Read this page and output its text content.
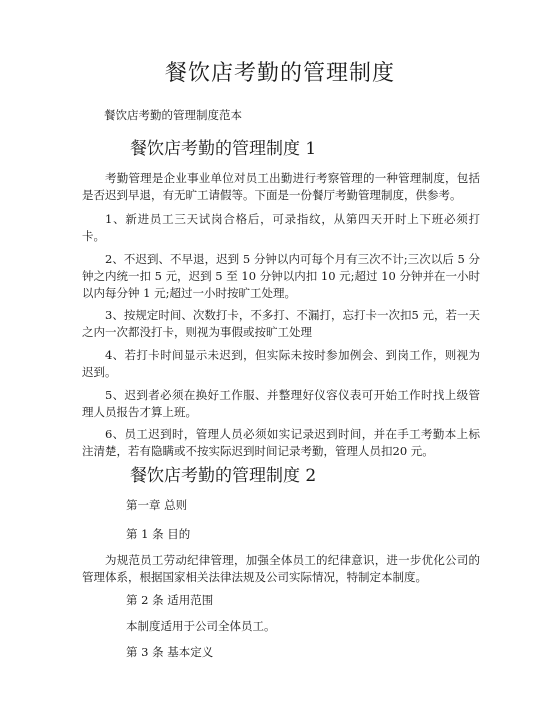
餐饮店考勤的管理制度

餐饮店考勤的管理制度范本

餐饮店考勤的管理制度 1

考勤管理是企业事业单位对员工出勤进行考察管理的一种管理制度，包括是否迟到早退，有无旷工请假等。下面是一份餐厅考勤管理制度，供参考。

1、新进员工三天试岗合格后，可录指纹，从第四天开时上下班必须打卡。

2、不迟到、不早退，迟到 5 分钟以内可每个月有三次不计;三次以后 5 分钟之内统一扣 5 元，迟到 5 至 10 分钟以内扣 10 元;超过 10 分钟并在一小时以内每分钟 1 元;超过一小时按旷工处理。

3、按规定时间、次数打卡，不多打、不漏打，忘打卡一次扣5 元，若一天之内一次都没打卡，则视为事假或按旷工处理

4、若打卡时间显示未迟到，但实际未按时参加例会、到岗工作，则视为迟到。

5、迟到者必须在换好工作服、并整理好仪容仪表可开始工作时找上级管理人员报告才算上班。

6、员工迟到时，管理人员必须如实记录迟到时间，并在手工考勤本上标注清楚，若有隐瞒或不按实际迟到时间记录考勤，管理人员扣20 元。

餐饮店考勤的管理制度 2

第一章 总则

第 1 条 目的

为规范员工劳动纪律管理，加强全体员工的纪律意识，进一步优化公司的管理体系，根据国家相关法律法规及公司实际情况，特制定本制度。

第 2 条 适用范围

本制度适用于公司全体员工。

第 3 条 基本定义
